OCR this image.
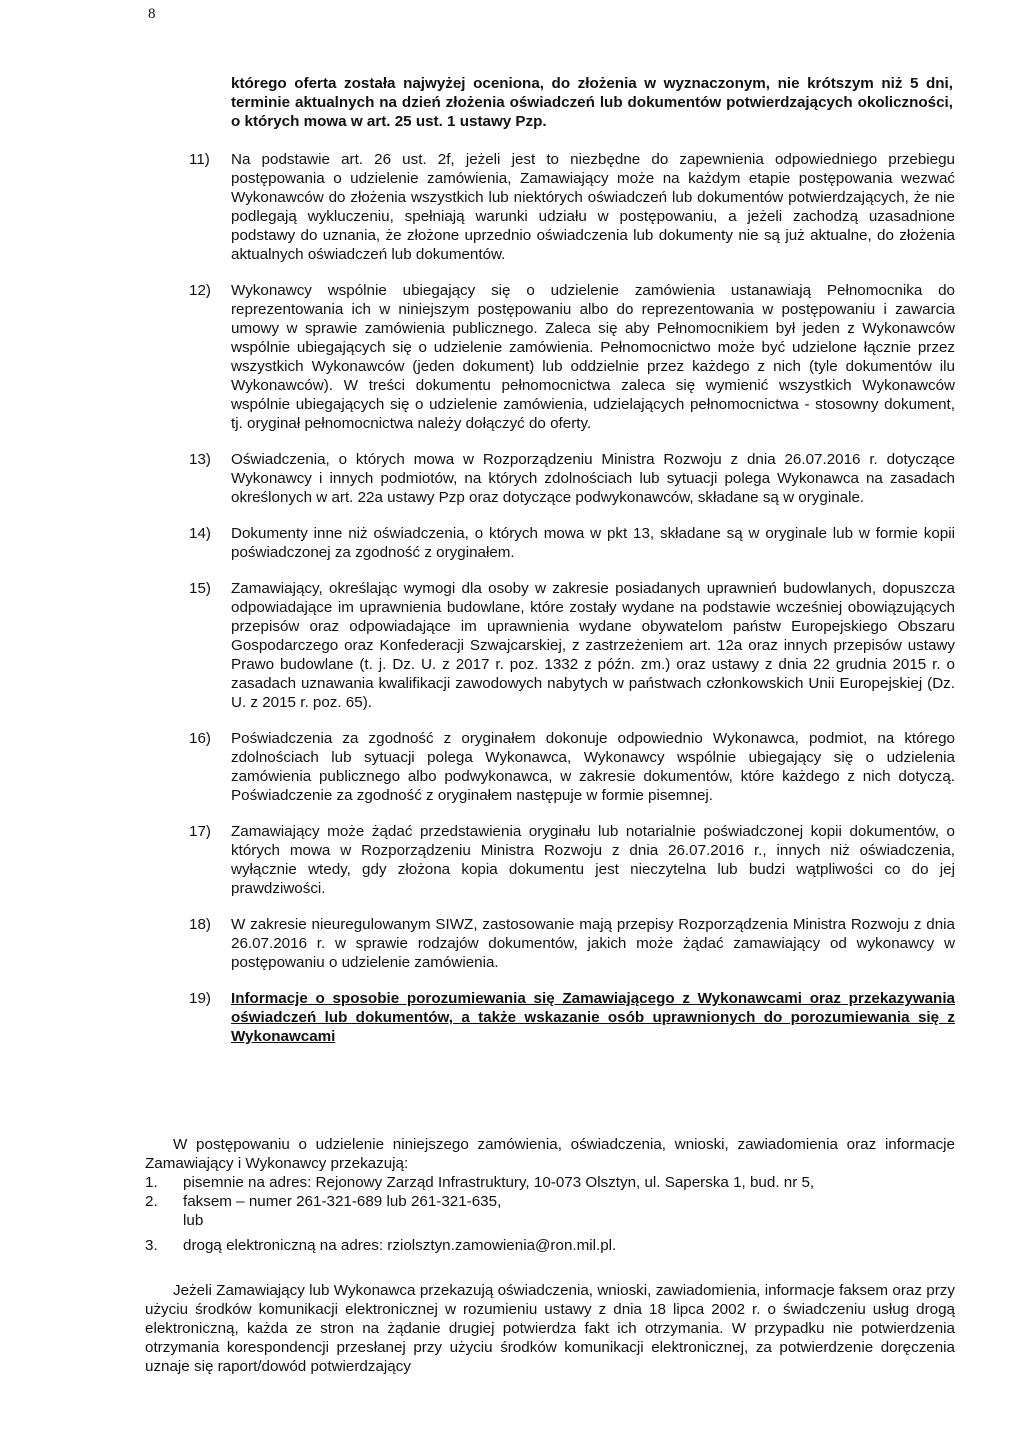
8

którego oferta została najwyżej oceniona, do złożenia w wyznaczonym, nie krótszym niż 5 dni, terminie aktualnych na dzień złożenia oświadczeń lub dokumentów potwierdzających okoliczności, o których mowa w art. 25 ust. 1 ustawy Pzp.

11)	Na podstawie art. 26 ust. 2f, jeżeli jest to niezbędne do zapewnienia odpowiedniego przebiegu postępowania o udzielenie zamówienia, Zamawiający może na każdym etapie postępowania wezwać Wykonawców do złożenia wszystkich lub niektórych oświadczeń lub dokumentów potwierdzających, że nie podlegają wykluczeniu, spełniają warunki udziału w postępowaniu, a jeżeli zachodzą uzasadnione podstawy do uznania, że złożone uprzednio oświadczenia lub dokumenty nie są już aktualne, do złożenia aktualnych oświadczeń lub dokumentów.
12)	Wykonawcy wspólnie ubiegający się o udzielenie zamówienia ustanawiają Pełnomocnika do reprezentowania ich w niniejszym postępowaniu albo do reprezentowania w postępowaniu i zawarcia umowy w sprawie zamówienia publicznego. Zaleca się aby Pełnomocnikiem był jeden z Wykonawców wspólnie ubiegających się o udzielenie zamówienia. Pełnomocnictwo może być udzielone łącznie przez wszystkich Wykonawców (jeden dokument) lub oddzielnie przez każdego z nich (tyle dokumentów ilu Wykonawców). W treści dokumentu pełnomocnictwa zaleca się wymienić wszystkich Wykonawców wspólnie ubiegających się o udzielenie zamówienia, udzielających pełnomocnictwa - stosowny dokument, tj. oryginał pełnomocnictwa należy dołączyć do oferty.
13)	Oświadczenia, o których mowa w Rozporządzeniu Ministra Rozwoju z dnia 26.07.2016 r. dotyczące Wykonawcy i innych podmiotów, na których zdolnościach lub sytuacji polega Wykonawca na zasadach określonych w art. 22a ustawy Pzp oraz dotyczące podwykonawców, składane są w oryginale.
14)	Dokumenty inne niż oświadczenia, o których mowa w pkt 13, składane są w oryginale lub w formie kopii poświadczonej za zgodność z oryginałem.
15)	Zamawiający, określając wymogi dla osoby w zakresie posiadanych uprawnień budowlanych, dopuszcza odpowiadające im uprawnienia budowlane, które zostały wydane na podstawie wcześniej obowiązujących przepisów oraz odpowiadające im uprawnienia wydane obywatelom państw Europejskiego Obszaru Gospodarczego oraz Konfederacji Szwajcarskiej, z zastrzeżeniem art. 12a oraz innych przepisów ustawy Prawo budowlane (t. j. Dz. U. z 2017 r. poz. 1332 z późn. zm.) oraz ustawy z dnia 22 grudnia 2015 r. o zasadach uznawania kwalifikacji zawodowych nabytych w państwach członkowskich Unii Europejskiej (Dz. U. z 2015 r. poz. 65).
16)	Poświadczenia za zgodność z oryginałem dokonuje odpowiednio Wykonawca, podmiot, na którego zdolnościach lub sytuacji polega Wykonawca, Wykonawcy wspólnie ubiegający się o udzielenia zamówienia publicznego albo podwykonawca, w zakresie dokumentów, które każdego z nich dotyczą. Poświadczenie za zgodność z oryginałem następuje w formie pisemnej.
17)	Zamawiający może żądać przedstawienia oryginału lub notarialnie poświadczonej kopii dokumentów, o których mowa w Rozporządzeniu Ministra Rozwoju z dnia 26.07.2016 r., innych niż oświadczenia, wyłącznie wtedy, gdy złożona kopia dokumentu jest nieczytelna lub budzi wątpliwości co do jej prawdziwości.
18)	W zakresie nieuregulowanym SIWZ, zastosowanie mają przepisy Rozporządzenia Ministra Rozwoju z dnia 26.07.2016 r. w sprawie rodzajów dokumentów, jakich może żądać zamawiający od wykonawcy w postępowaniu o udzielenie zamówienia.
19)	Informacje o sposobie porozumiewania się Zamawiającego z Wykonawcami oraz przekazywania oświadczeń lub dokumentów, a także wskazanie osób uprawnionych do porozumiewania się z Wykonawcami

W postępowaniu o udzielenie niniejszego zamówienia, oświadczenia, wnioski, zawiadomienia oraz informacje Zamawiający i Wykonawcy przekazują:

1.	pisemnie na adres: Rejonowy Zarząd Infrastruktury, 10-073 Olsztyn, ul. Saperska 1, bud. nr 5,
2.	faksem – numer 261-321-689 lub 261-321-635,
lub
3.	drogą elektroniczną na adres: rziolsztyn.zamowienia@ron.mil.pl.

Jeżeli Zamawiający lub Wykonawca przekazują oświadczenia, wnioski, zawiadomienia, informacje faksem oraz przy użyciu środków komunikacji elektronicznej w rozumieniu ustawy z dnia 18 lipca 2002 r. o świadczeniu usług drogą elektroniczną, każda ze stron na żądanie drugiej potwierdza fakt ich otrzymania. W przypadku nie potwierdzenia otrzymania korespondencji przesłanej przy użyciu środków komunikacji elektronicznej, za potwierdzenie doręczenia uznaje się raport/dowód potwierdzający
